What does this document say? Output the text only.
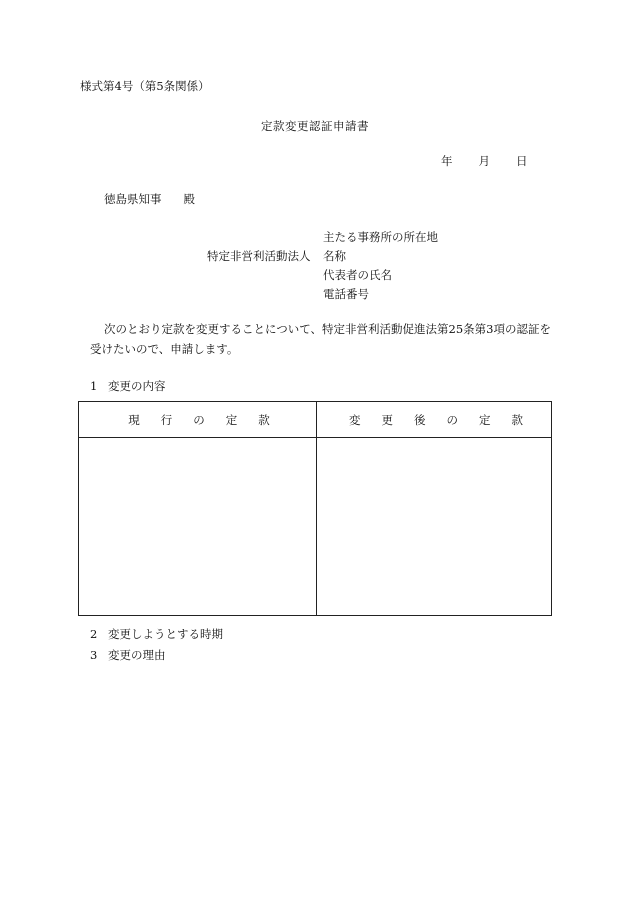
様式第4号（第5条関係）
定款変更認証申請書
年 月 日
徳島県知事 殿
特定非営利活動法人
主たる事務所の所在地
名称
代表者の氏名
電話番号
次のとおり定款を変更することについて、特定非営利活動促進法第25条第3項の認証を
受けたいので、申請します。
1 変更の内容
現行の定款	変更後の定款
2 変更しようとする時期
3 変更の理由
